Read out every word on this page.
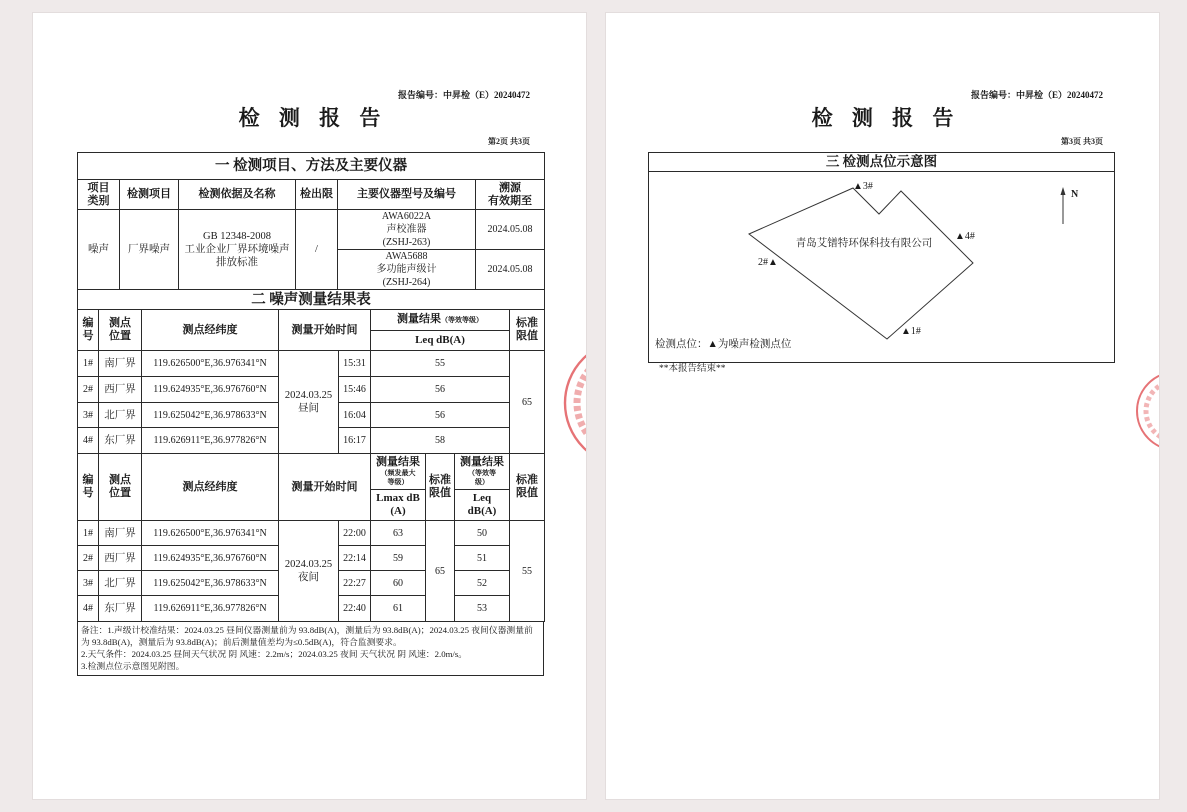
报告编号：中昇检（E）20240472
检 测 报 告
第2页 共3页
一 检测项目、方法及主要仪器					
项目
类别	检测项目	检测依据及名称	检出限	主要仪器型号及编号	溯源
有效期至
噪声	厂界噪声	GB 12348-2008
工业企业厂界环境噪声
排放标准	/	AWA6022A
声校准器
(ZSHJ-263)	2024.05.08
				AWA5688
多功能声级计
(ZSHJ-264)	2024.05.08
二 噪声测量结果表						
编
号	测点
位置	测点经纬度	测量开始时间		测量结果（等效等级）	标准
限值
					Leq dB(A)	
1#	南厂界	119.626500°E,36.976341°N	2024.03.25
昼间	15:31	55	65
2#	西厂界	119.624935°E,36.976760°N		15:46	56	
3#	北厂界	119.625042°E,36.978633°N		16:04	56	
4#	东厂界	119.626911°E,36.977826°N		16:17	58	
编
号	测点
位置	测点经纬度	测量开始时间		测量结果
（频发最大
等级）	标准
限值	测量结果
（等效等
级）	标准
限值
					Lmax dB
(A)		Leq
dB(A)	
1#	南厂界	119.626500°E,36.976341°N	2024.03.25
夜间	22:00	63	65	50	55
2#	西厂界	119.624935°E,36.976760°N		22:14	59		51	
3#	北厂界	119.625042°E,36.978633°N		22:27	60		52	
4#	东厂界	119.626911°E,36.977826°N		22:40	61		53	

备注：1.声级计校准结果：2024.03.25 昼间仪器测量前为 93.8dB(A)，测量后为 93.8dB(A)；2024.03.25 夜间仪器测量前为 93.8dB(A)，测量后为 93.8dB(A)；前后测量值差均为≤0.5dB(A)，符合监测要求。

2.天气条件：2024.03.25 昼间天气状况 阴 风速：2.2m/s；2024.03.25 夜间 天气状况 阴 风速：2.0m/s。

3.检测点位示意图见附图。

报告编号：中昇检（E）20240472
检 测 报 告
第3页 共3页
三 检测点位示意图
▲3#
▲4#
2#▲
▲1#
青岛艾镨特环保科技有限公司
N
检测点位：▲为噪声检测点位
**本报告结束**
